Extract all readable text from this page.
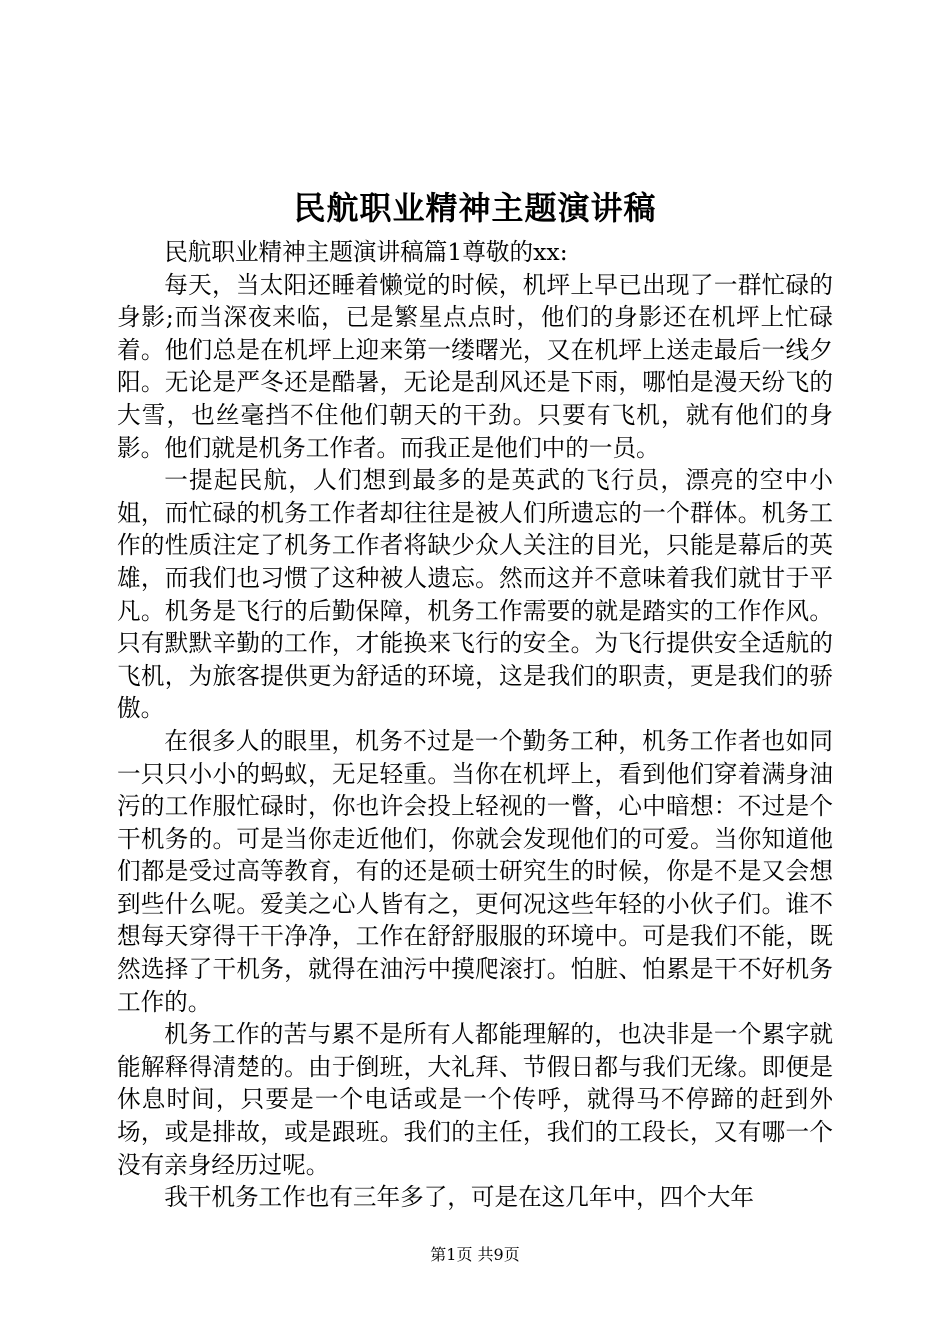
民航职业精神主题演讲稿

民航职业精神主题演讲稿篇1尊敬的xx:

每天，当太阳还睡着懒觉的时候，机坪上早已出现了一群忙碌的身影;而当深夜来临，已是繁星点点时，他们的身影还在机坪上忙碌着。他们总是在机坪上迎来第一缕曙光，又在机坪上送走最后一线夕阳。无论是严冬还是酷暑，无论是刮风还是下雨，哪怕是漫天纷飞的大雪，也丝毫挡不住他们朝天的干劲。只要有飞机，就有他们的身影。他们就是机务工作者。而我正是他们中的一员。

一提起民航，人们想到最多的是英武的飞行员，漂亮的空中小姐，而忙碌的机务工作者却往往是被人们所遗忘的一个群体。机务工作的性质注定了机务工作者将缺少众人关注的目光，只能是幕后的英雄，而我们也习惯了这种被人遗忘。然而这并不意味着我们就甘于平凡。机务是飞行的后勤保障，机务工作需要的就是踏实的工作作风。只有默默辛勤的工作，才能换来飞行的安全。为飞行提供安全适航的飞机，为旅客提供更为舒适的环境，这是我们的职责，更是我们的骄傲。

在很多人的眼里，机务不过是一个勤务工种，机务工作者也如同一只只小小的蚂蚁，无足轻重。当你在机坪上，看到他们穿着满身油污的工作服忙碌时，你也许会投上轻视的一瞥，心中暗想：不过是个干机务的。可是当你走近他们，你就会发现他们的可爱。当你知道他们都是受过高等教育，有的还是硕士研究生的时候，你是不是又会想到些什么呢。爱美之心人皆有之，更何况这些年轻的小伙子们。谁不想每天穿得干干净净，工作在舒舒服服的环境中。可是我们不能，既然选择了干机务，就得在油污中摸爬滚打。怕脏、怕累是干不好机务工作的。

机务工作的苦与累不是所有人都能理解的，也决非是一个累字就能解释得清楚的。由于倒班，大礼拜、节假日都与我们无缘。即便是休息时间，只要是一个电话或是一个传呼，就得马不停蹄的赶到外场，或是排故，或是跟班。我们的主任，我们的工段长，又有哪一个没有亲身经历过呢。

我干机务工作也有三年多了，可是在这几年中，四个大年

第1页 共9页
